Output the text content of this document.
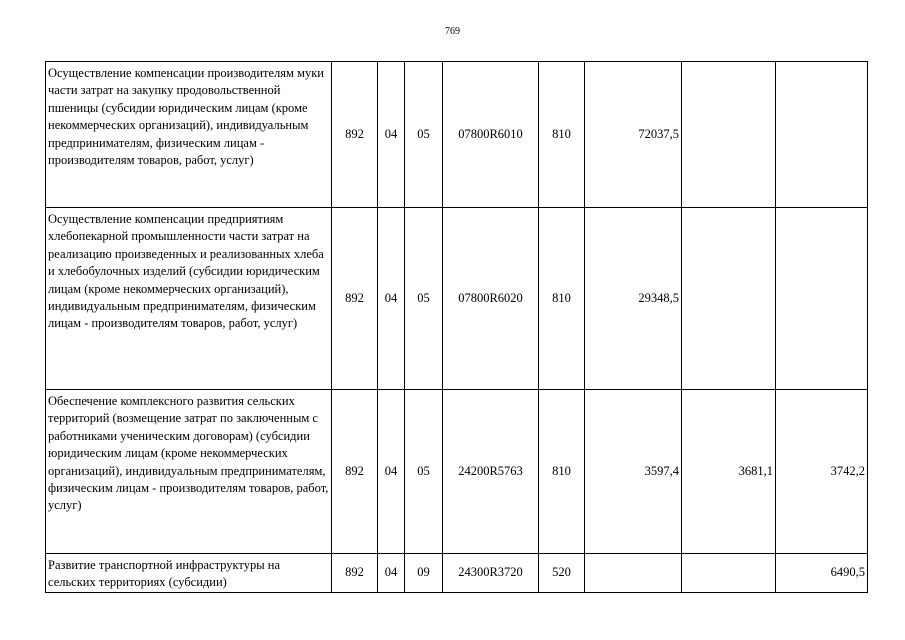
769
Осуществление компенсации производителям муки части затрат на закупку продовольственной пшеницы (субсидии юридическим лицам (кроме некоммерческих организаций), индивидуальным предпринимателям, физическим лицам - производителям товаров, работ, услуг)	892	04	05	07800R6010	810	72037,5		
Осуществление компенсации предприятиям хлебопекарной промышленности части затрат на реализацию произведенных и реализованных хлеба и хлебобулочных изделий (субсидии юридическим лицам (кроме некоммерческих организаций), индивидуальным предпринимателям, физическим лицам - производителям товаров, работ, услуг)	892	04	05	07800R6020	810	29348,5		
Обеспечение комплексного развития сельских территорий (возмещение затрат по заключенным с работниками ученическим договорам) (субсидии юридическим лицам (кроме некоммерческих организаций), индивидуальным предпринимателям, физическим лицам - производителям товаров, работ, услуг)	892	04	05	24200R5763	810	3597,4	3681,1	3742,2
Развитие транспортной инфраструктуры на сельских территориях (субсидии)	892	04	09	24300R3720	520			6490,5
